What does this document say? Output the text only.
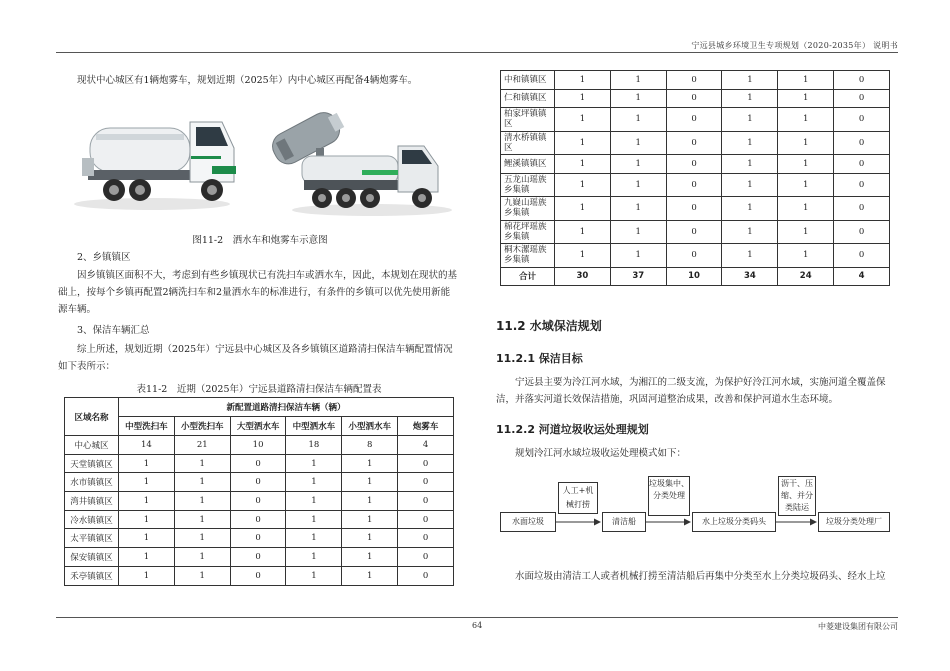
宁远县城乡环境卫生专项规划（2020-2035年） 说明书
现状中心城区有1辆炮雾车，规划近期（2025年）内中心城区再配备4辆炮雾车。
图11-2　洒水车和炮雾车示意图
2、乡镇镇区
因乡镇镇区面积不大，考虑到有些乡镇现状已有洗扫车或洒水车，因此，本规划在现状的基础上，按每个乡镇再配置2辆洗扫车和2量洒水车的标准进行，有条件的乡镇可以优先使用新能源车辆。
3、保洁车辆汇总
综上所述，规划近期（2025年）宁远县中心城区及各乡镇镇区道路清扫保洁车辆配置情况如下表所示：
表11-2　近期（2025年）宁远县道路清扫保洁车辆配置表
区域名称	新配置道路清扫保洁车辆（辆）					
	中型洗扫车	小型洗扫车	大型洒水车	中型洒水车	小型洒水车	炮雾车
中心城区	14	21	10	18	8	4
天堂镇镇区	1	1	0	1	1	0
水市镇镇区	1	1	0	1	1	0
湾井镇镇区	1	1	0	1	1	0
冷水镇镇区	1	1	0	1	1	0
太平镇镇区	1	1	0	1	1	0
保安镇镇区	1	1	0	1	1	0
禾亭镇镇区	1	1	0	1	1	0
中和镇镇区	1	1	0	1	1	0
仁和镇镇区	1	1	0	1	1	0
柏家坪镇镇区	1	1	0	1	1	0
清水桥镇镇区	1	1	0	1	1	0
鲤溪镇镇区	1	1	0	1	1	0
五龙山瑶族乡集镇	1	1	0	1	1	0
九嶷山瑶族乡集镇	1	1	0	1	1	0
棉花坪瑶族乡集镇	1	1	0	1	1	0
桐木漯瑶族乡集镇	1	1	0	1	1	0
合计	30	37	10	34	24	4
11.2 水域保洁规划
11.2.1 保洁目标
宁远县主要为泠江河水域，为湘江的二级支流，为保护好泠江河水域，实施河道全覆盖保洁，并落实河道长效保洁措施，巩固河道整治成果，改善和保护河道水生态环境。
11.2.2 河道垃圾收运处理规划
规划泠江河水域垃圾收运处理模式如下：
水面垃圾
人工+机械打捞
清洁船
垃圾集中、分类处理
水上垃圾分类码头
沥干、压缩、并分类陆运
垃圾分类处理厂
水面垃圾由清洁工人或者机械打捞至清洁船后再集中分类至水上分类垃圾码头、经水上垃
64	中菱建设集团有限公司
